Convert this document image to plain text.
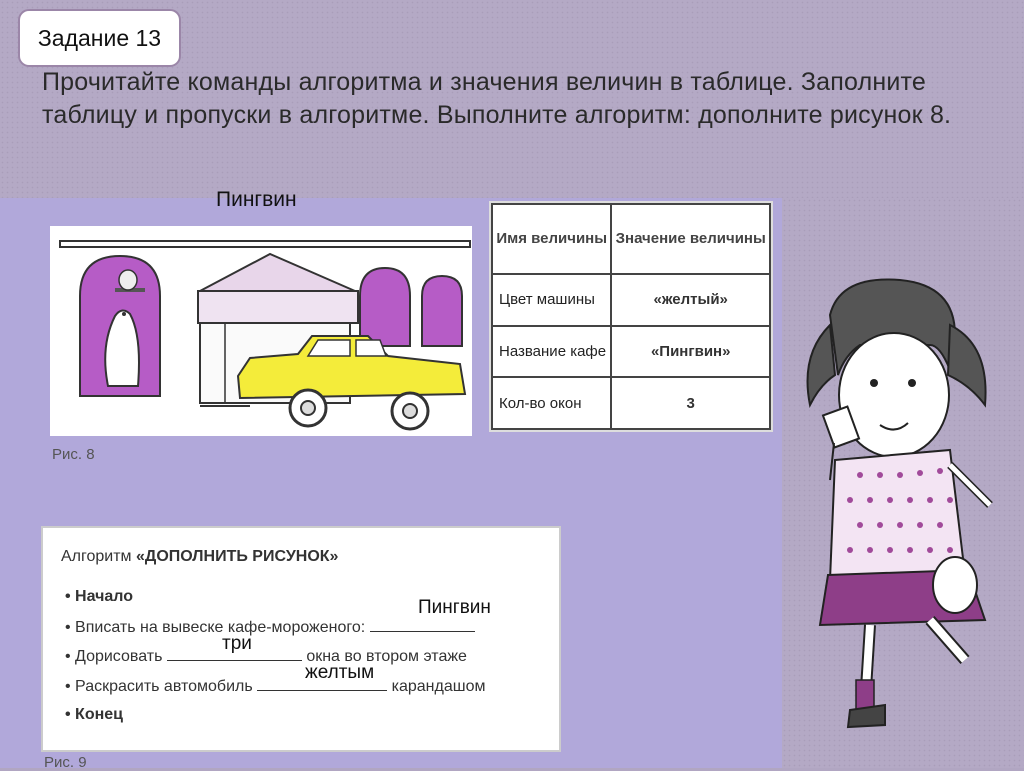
Задание 13
Прочитайте команды алгоритма и значения величин в таблице. Заполните
таблицу и пропуски в алгоритме. Выполните алгоритм: дополните рисунок 8.
Пингвин
Рис. 8
Имя величины	Значение величины
Цвет машины	«желтый»
Название кафе	«Пингвин»
Кол-во окон	3
Алгоритм «ДОПОЛНИТЬ РИСУНОК»
• Начало
• Вписать на вывеске кафе-мороженого:
• Дорисовать	окна во втором этаже
• Раскрасить автомобиль	карандашом
• Конец
Пингвин
три
желтым
Рис. 9
